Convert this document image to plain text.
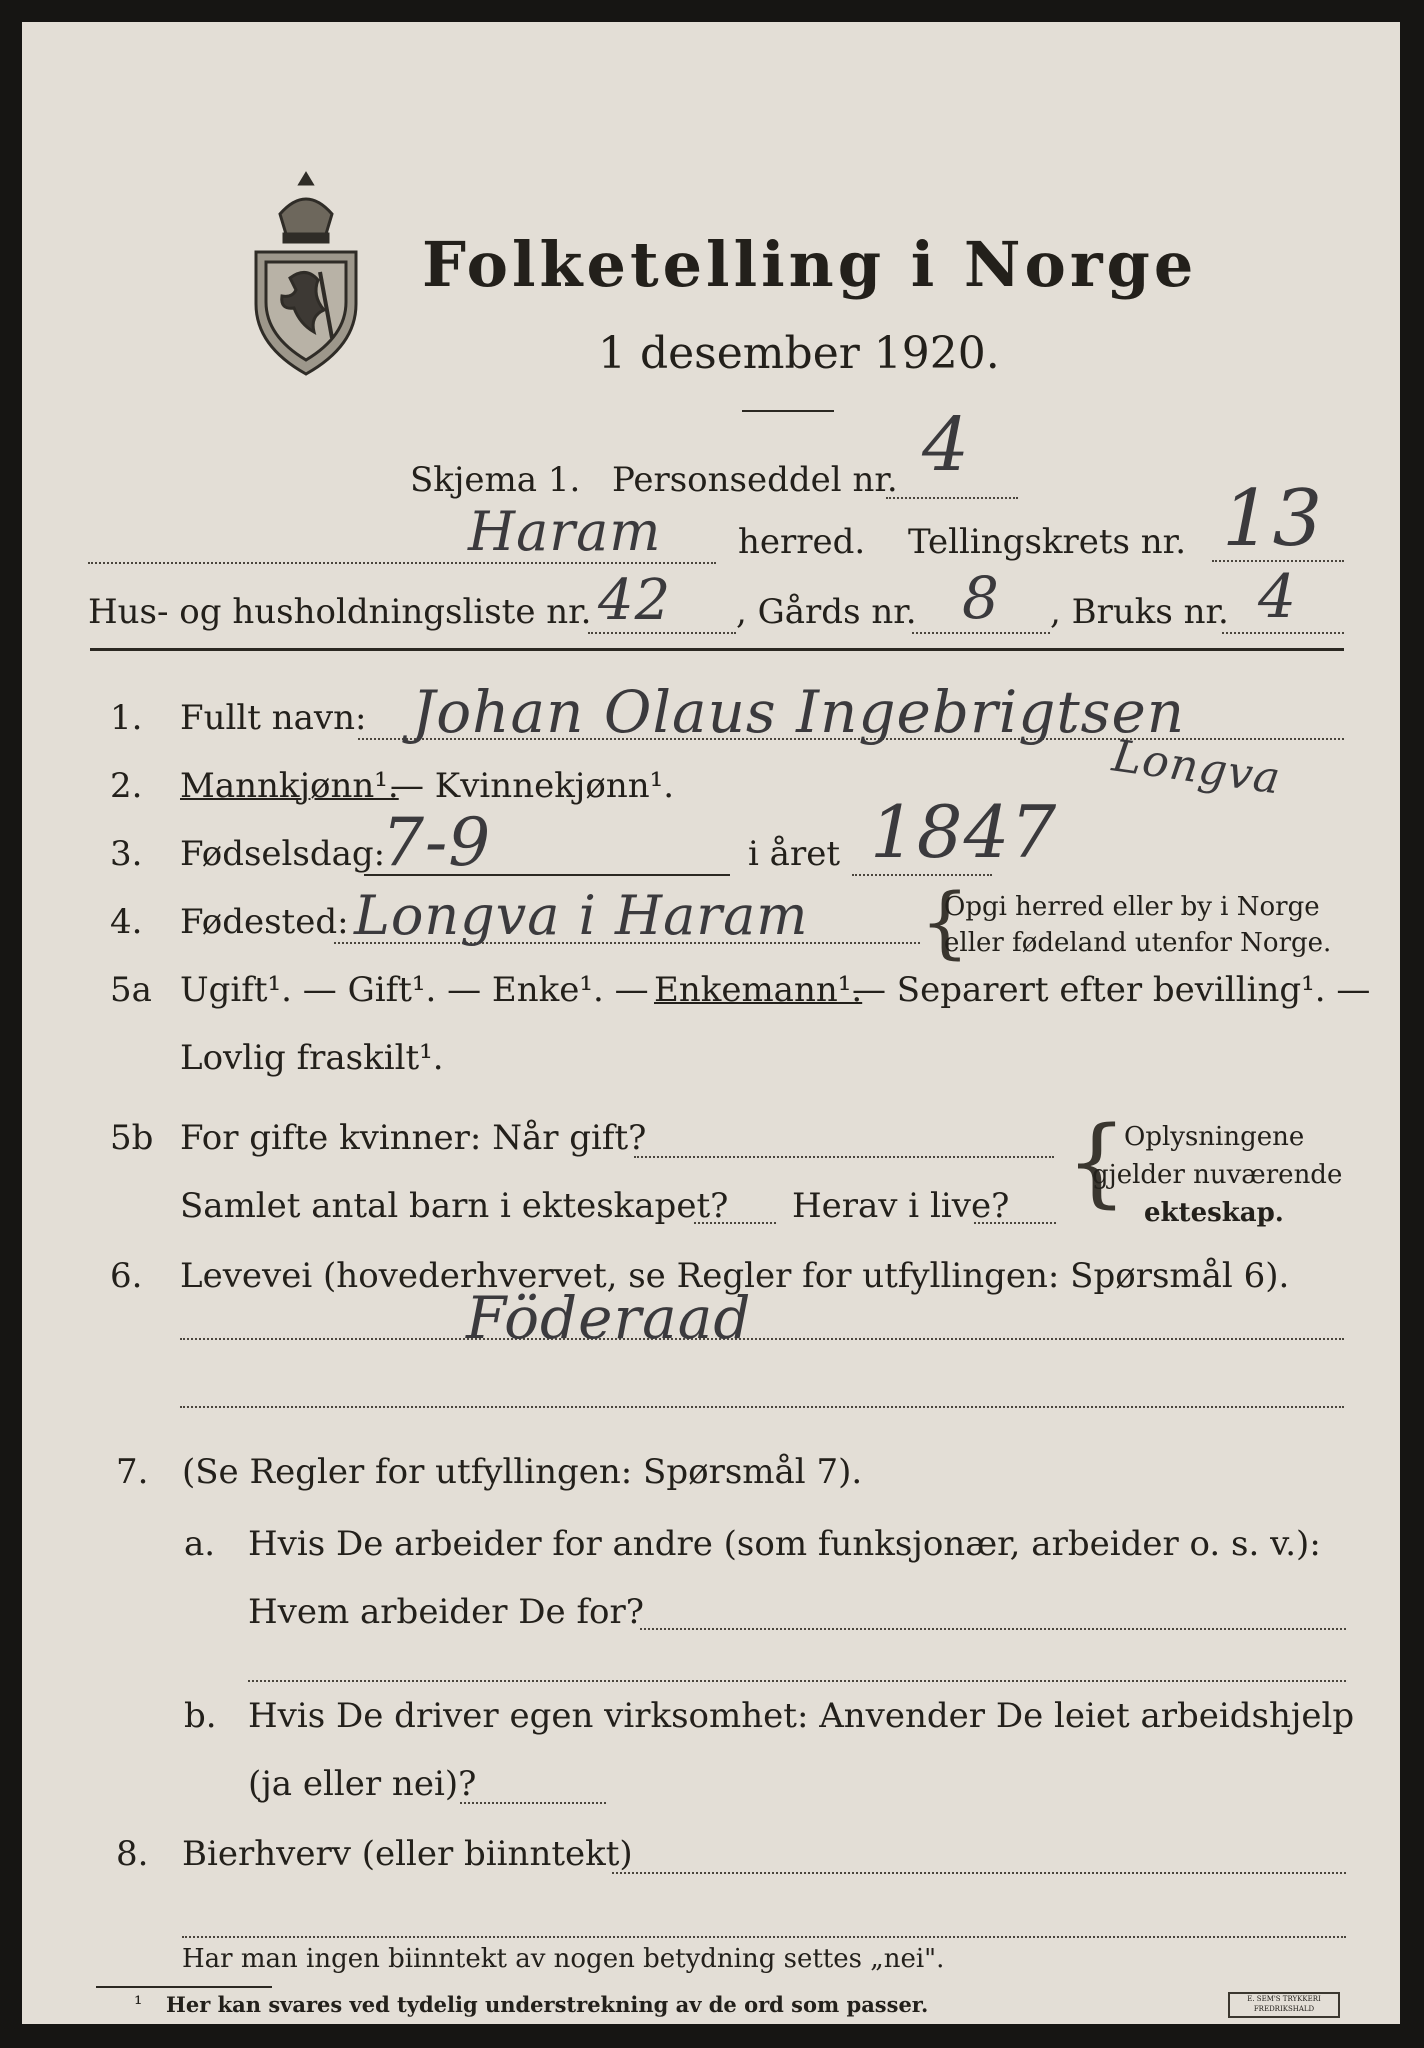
Folketelling i Norge
1 desember 1920.
Skjema 1. Personseddel nr. 4
Haram herred. Tellingskrets nr. 13
Hus- og husholdningsliste nr. 42 , Gårds nr. 8 , Bruks nr. 4
1. Fullt navn: Johan Olaus Ingebrigtsen
Longva
2. Mannkjønn¹.
— Kvinnekjønn¹.
3. Fødselsdag:
7-9	i året 1847
4. Fødested: Longva i Haram {
Opgi herred eller by i Norge
eller fødeland utenfor Norge.
5a Ugift¹. — Gift¹. — Enke¹. — Enkemann¹.
— Separert efter bevilling¹. —
Lovlig fraskilt¹.
5b For gifte kvinner: Når gift?
Samlet antal barn i ekteskapet? Herav i live? {
Oplysningene
gjelder nuværende
ekteskap.
6. Levevei (hovederhvervet, se Regler for utfyllingen: Spørsmål 6).
Föderaad
7. (Se Regler for utfyllingen: Spørsmål 7).
a. Hvis De arbeider for andre (som funksjonær, arbeider o. s. v.):
Hvem arbeider De for?
b. Hvis De driver egen virksomhet: Anvender De leiet arbeidshjelp
(ja eller nei)?
8. Bierhverv (eller biinntekt)
Har man ingen biinntekt av nogen betydning settes „nei".
¹ Her kan svares ved tydelig understrekning av de ord som passer.	E. SEM'S TRYKKERI FREDRIKSHALD
